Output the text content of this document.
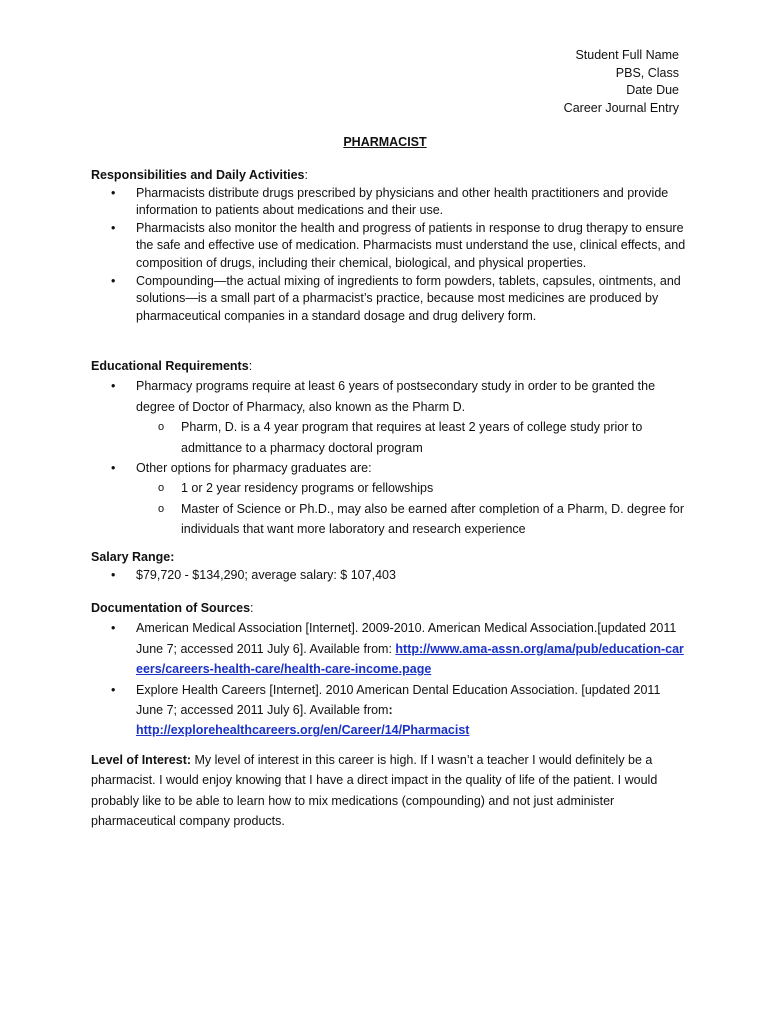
Student Full Name
PBS, Class
Date Due
Career Journal Entry
PHARMACIST
Responsibilities and Daily Activities:
• Pharmacists distribute drugs prescribed by physicians and other health practitioners and provide information to patients about medications and their use.
• Pharmacists also monitor the health and progress of patients in response to drug therapy to ensure the safe and effective use of medication. Pharmacists must understand the use, clinical effects, and composition of drugs, including their chemical, biological, and physical properties.
• Compounding—the actual mixing of ingredients to form powders, tablets, capsules, ointments, and solutions—is a small part of a pharmacist’s practice, because most medicines are produced by pharmaceutical companies in a standard dosage and drug delivery form.
Educational Requirements:
• Pharmacy programs require at least 6 years of postsecondary study in order to be granted the degree of Doctor of Pharmacy, also known as the Pharm D.
o Pharm, D. is a 4 year program that requires at least 2 years of college study prior to admittance to a pharmacy doctoral program
• Other options for pharmacy graduates are:
o 1 or 2 year residency programs or fellowships
o Master of Science or Ph.D., may also be earned after completion of a Pharm, D. degree for individuals that want more laboratory and research experience
Salary Range:
• $79,720 - $134,290; average salary: $ 107,403
Documentation of Sources:
• American Medical Association [Internet]. 2009-2010. American Medical Association.[updated 2011 June 7; accessed 2011 July 6]. Available from: http://www.ama-assn.org/ama/pub/education-careers/careers-health-care/health-care-income.page
• Explore Health Careers [Internet]. 2010 American Dental Education Association. [updated 2011 June 7; accessed 2011 July 6]. Available from:
http://explorehealthcareers.org/en/Career/14/Pharmacist
Level of Interest: My level of interest in this career is high. If I wasn’t a teacher I would definitely be a pharmacist. I would enjoy knowing that I have a direct impact in the quality of life of the patient. I would probably like to be able to learn how to mix medications (compounding) and not just administer pharmaceutical company products.
